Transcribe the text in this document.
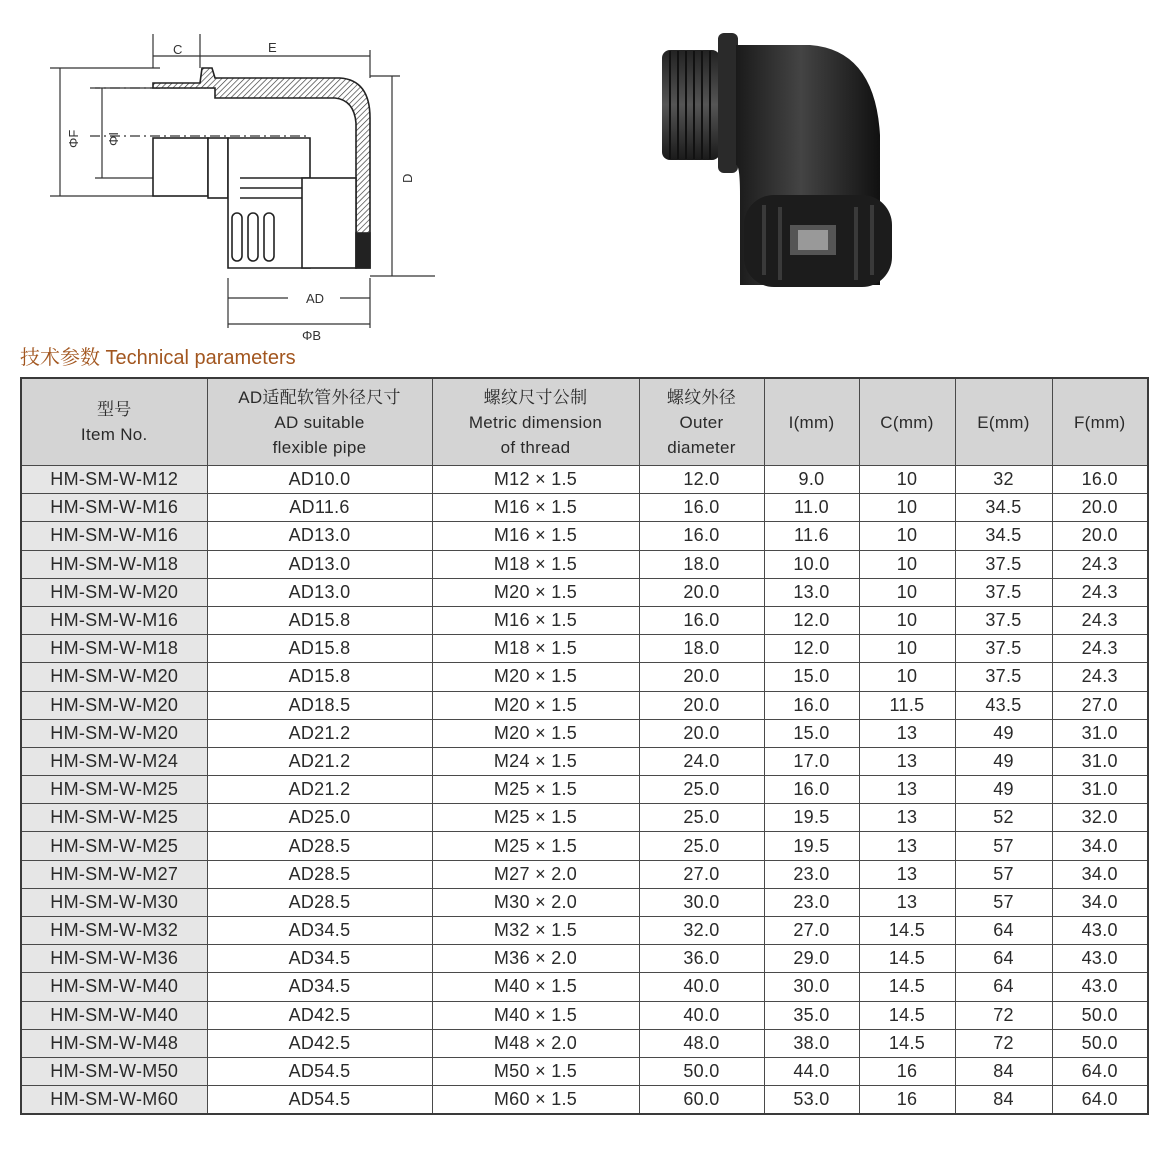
C	E
ΦF ΦI
D
AD
ΦB
技术参数 Technical parameters
型号
Item No.	AD适配软管外径尺寸
AD suitable
flexible pipe	螺纹尺寸公制
Metric dimension
of thread	螺纹外径
Outer
diameter	I(mm)	C(mm)	E(mm)	F(mm)

HM-SM-W-M12	AD10.0	M12 × 1.5	12.0	9.0	10	32	16.0
HM-SM-W-M16	AD11.6	M16 × 1.5	16.0	11.0	10	34.5	20.0
HM-SM-W-M16	AD13.0	M16 × 1.5	16.0	11.6	10	34.5	20.0
HM-SM-W-M18	AD13.0	M18 × 1.5	18.0	10.0	10	37.5	24.3
HM-SM-W-M20	AD13.0	M20 × 1.5	20.0	13.0	10	37.5	24.3
HM-SM-W-M16	AD15.8	M16 × 1.5	16.0	12.0	10	37.5	24.3
HM-SM-W-M18	AD15.8	M18 × 1.5	18.0	12.0	10	37.5	24.3
HM-SM-W-M20	AD15.8	M20 × 1.5	20.0	15.0	10	37.5	24.3
HM-SM-W-M20	AD18.5	M20 × 1.5	20.0	16.0	11.5	43.5	27.0
HM-SM-W-M20	AD21.2	M20 × 1.5	20.0	15.0	13	49	31.0
HM-SM-W-M24	AD21.2	M24 × 1.5	24.0	17.0	13	49	31.0
HM-SM-W-M25	AD21.2	M25 × 1.5	25.0	16.0	13	49	31.0
HM-SM-W-M25	AD25.0	M25 × 1.5	25.0	19.5	13	52	32.0
HM-SM-W-M25	AD28.5	M25 × 1.5	25.0	19.5	13	57	34.0
HM-SM-W-M27	AD28.5	M27 × 2.0	27.0	23.0	13	57	34.0
HM-SM-W-M30	AD28.5	M30 × 2.0	30.0	23.0	13	57	34.0
HM-SM-W-M32	AD34.5	M32 × 1.5	32.0	27.0	14.5	64	43.0
HM-SM-W-M36	AD34.5	M36 × 2.0	36.0	29.0	14.5	64	43.0
HM-SM-W-M40	AD34.5	M40 × 1.5	40.0	30.0	14.5	64	43.0
HM-SM-W-M40	AD42.5	M40 × 1.5	40.0	35.0	14.5	72	50.0
HM-SM-W-M48	AD42.5	M48 × 2.0	48.0	38.0	14.5	72	50.0
HM-SM-W-M50	AD54.5	M50 × 1.5	50.0	44.0	16	84	64.0
HM-SM-W-M60	AD54.5	M60 × 1.5	60.0	53.0	16	84	64.0
